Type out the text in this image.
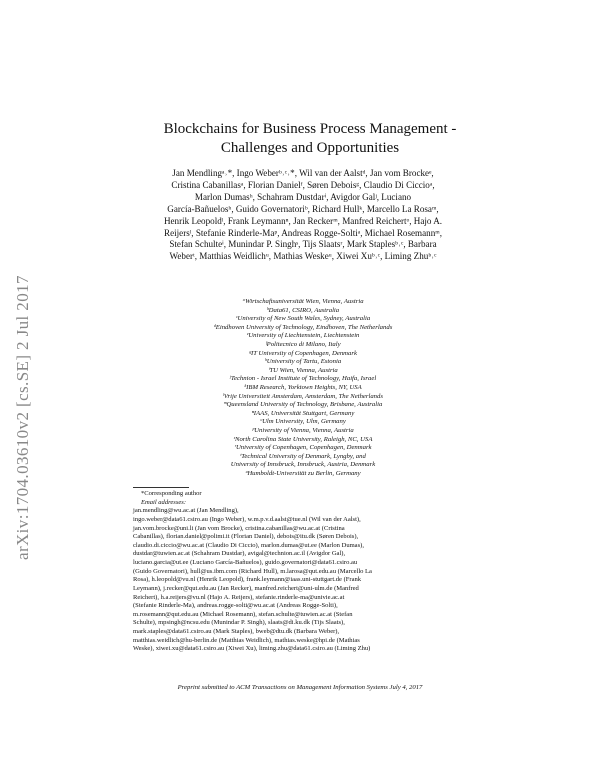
arXiv:1704.03610v2 [cs.SE] 2 Jul 2017
Blockchains for Business Process Management -
Challenges and Opportunities
Jan Mendlingᵃ˒*, Ingo Weberᵇ˒ᶜ˒*, Wil van der Aalstᵈ, Jan vom Brockeᵉ,
Cristina Cabanillasᵃ, Florian Danielᶠ, Søren Deboisᵍ, Claudio Di Ciccioᵃ,
Marlon Dumasʰ, Schahram Dustdarⁱ, Avigdor Galʲ, Luciano
García-Bañuelosʰ, Guido Governatoriᵇ, Richard Hullᵏ, Marcello La Rosaᵐ,
Henrik Leopoldˡ, Frank Leymannⁿ, Jan Reckerᵐ, Manfred Reichertᵒ, Hajo A.
Reijersˡ, Stefanie Rinderle-Maᵖ, Andreas Rogge-Soltiᵃ, Michael Rosemannᵐ,
Stefan Schulteⁱ, Munindar P. Singhˢ, Tijs Slaatsʳ, Mark Staplesᵇ˒ᶜ, Barbara
Weberᵗ, Matthias Weidlichᵘ, Mathias Weskeᵘ, Xiwei Xuᵇ˒ᶜ, Liming Zhuᵇ˒ᶜ
ᵃWirtschaftsuniversität Wien, Vienna, Austria
ᵇData61, CSIRO, Australia
ᶜUniversity of New South Wales, Sydney, Australia
ᵈEindhoven University of Technology, Eindhoven, The Netherlands
ᵉUniversity of Liechtenstein, Liechtenstein
ᶠPolitecnico di Milano, Italy
ᵍIT University of Copenhagen, Denmark
ʰUniversity of Tartu, Estonia
ⁱTU Wien, Vienna, Austria
ʲTechnion - Israel Institute of Technology, Haifa, Israel
ᵏIBM Research, Yorktown Heights, NY, USA
ˡVrije Universiteit Amsterdam, Amsterdam, The Netherlands
ᵐQueensland University of Technology, Brisbane, Australia
ⁿIAAS, Universität Stuttgart, Germany
ᵒUlm University, Ulm, Germany
ᵖUniversity of Vienna, Vienna, Austria
ˢNorth Carolina State University, Raleigh, NC, USA
ʳUniversity of Copenhagen, Copenhagen, Denmark
ᵗTechnical University of Denmark, Lyngby, and
University of Innsbruck, Innsbruck, Austria, Denmark
ᵘHumboldt-Universität zu Berlin, Germany
*Corresponding author
Email addresses:
jan.mendling@wu.ac.at (Jan Mendling),
ingo.weber@data61.csiro.au (Ingo Weber), w.m.p.v.d.aalst@tue.nl (Wil van der Aalst),
jan.vom.brocke@uni.li (Jan vom Brocke), cristina.cabanillas@wu.ac.at (Cristina
Cabanillas), florian.daniel@polimi.it (Florian Daniel), debois@itu.dk (Søren Debois),
claudio.di.ciccio@wu.ac.at (Claudio Di Ciccio), marlon.dumas@ut.ee (Marlon Dumas),
dustdar@tuwien.ac.at (Schahram Dustdar), avigal@technion.ac.il (Avigdor Gal),
luciano.garcia@ut.ee (Luciano García-Bañuelos), guido.governatori@data61.csiro.au
(Guido Governatori), hull@us.ibm.com (Richard Hull), m.larosa@qut.edu.au (Marcello La
Rosa), h.leopold@vu.nl (Henrik Leopold), frank.leymann@iaas.uni-stuttgart.de (Frank
Leymann), j.recker@qut.edu.au (Jan Recker), manfred.reichert@uni-ulm.de (Manfred
Reichert), h.a.reijers@vu.nl (Hajo A. Reijers), stefanie.rinderle-ma@univie.ac.at
(Stefanie Rinderle-Ma), andreas.rogge-solti@wu.ac.at (Andreas Rogge-Solti),
m.rosemann@qut.edu.au (Michael Rosemann), stefan.schulte@tuwien.ac.at (Stefan
Schulte), mpsingh@ncsu.edu (Munindar P. Singh), slaats@di.ku.dk (Tijs Slaats),
mark.staples@data61.csiro.au (Mark Staples), bweb@dtu.dk (Barbara Weber),
matthias.weidlich@hu-berlin.de (Matthias Weidlich), mathias.weske@hpi.de (Mathias
Weske), xiwei.xu@data61.csiro.au (Xiwei Xu), liming.zhu@data61.csiro.au (Liming Zhu)
Preprint submitted to ACM Transactions on Management Information Systems July 4, 2017
